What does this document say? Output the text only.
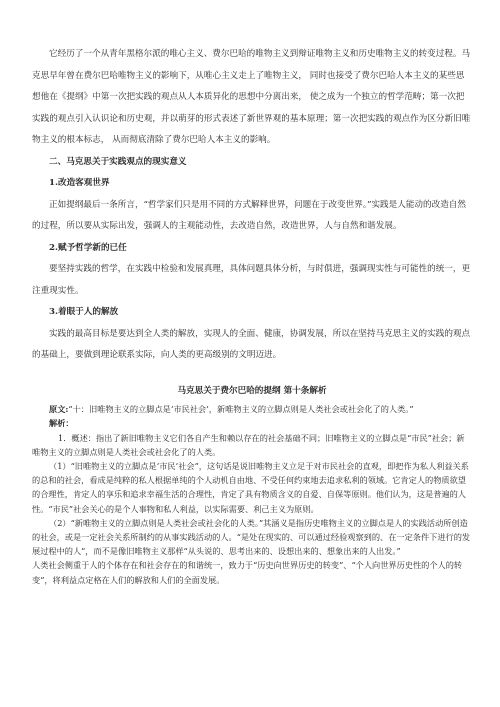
它经历了一个从青年黑格尔派的唯心主义、费尔巴哈的唯物主义到辩证唯物主义和历史唯物主义的转变过程。马克思早年曾在费尔巴哈唯物主义的影响下，从唯心主义走上了唯物主义， 同时也接受了费尔巴哈人本主义的某些思想他在《提纲》中第一次把实践的观点从人本质异化的思想中分离出来， 使之成为一个独立的哲学范畴；第一次把实践的观点引入认识论和历史观，并以萌芽的形式表述了新世界观的基本原理；第一次把实践的观点作为区分新旧唯物主义的根本标志， 从而彻底清除了费尔巴哈人本主义的影响。

二、马克思关于实践观点的现实意义

1.改造客观世界

正如提纲最后一条所言，“哲学家们只是用不同的方式解释世界，问题在于改变世界。”实践是人能动的改造自然的过程，所以要从实际出发，强调人的主观能动性，去改造自然，改造世界，人与自然和谐发展。

2.赋予哲学新的已任

要坚持实践的哲学，在实践中检验和发展真理，具体问题具体分析，与时俱进，强调现实性与可能性的统一，更注重现实性。

3.着眼于人的解放

实践的最高目标是要达到全人类的解放，实现人的全面、健康，协调发展，所以在坚持马克思主义的实践的观点的基础上，要做到理论联系实际，向人类的更高级别的文明迈进。

马克思关于费尔巴哈的提纲 第十条解析

原文:“十：旧唯物主义的立脚点是‘市民社会’，新唯物主义的立脚点则是人类社会或社会化了的人类。”

解析：

1．概述：指出了新旧唯物主义它们各自产生和赖以存在的社会基础不同；旧唯物主义的立脚点是“市民”社会；新唯物主义的立脚点则是人类社会或社会化了的人类。

（1）“旧唯物主义的立脚点是‘市民’社会”，这句话是说旧唯物主义立足于对市民社会的直观，即把作为私人利益关系的总和的社会，看成是纯粹的私人根据单纯的个人动机自由地、不受任何约束地去追求私利的领域。它肯定人的物质欲望的合理性，肯定人的享乐和追求幸福生活的合理性，肯定了具有物质含义的自爱、自保等原则。他们认为，这是普遍的人性。“市民”社会关心的是个人事物和私人利益，以实际需要、利己主义为原则。

（2）“新唯物主义的立脚点则是人类社会或社会化的人类。”其涵义是指历史唯物主义的立脚点是人的实践活动所创造的社会，或是一定社会关系所制约的从事实践活动的人。“是处在现实的、可以通过经验观察到的、在一定条件下进行的发展过程中的人”，而不是像旧唯物主义那样“从头说的、思考出来的、设想出来的、想象出来的人出发。”

人类社会侧重于人的个体存在和社会存在的和谐统一，致力于“历史向世界历史的转变”、“个人向世界历史性的个人的转变”，将利益点定格在人们的解放和人们的全面发展。
